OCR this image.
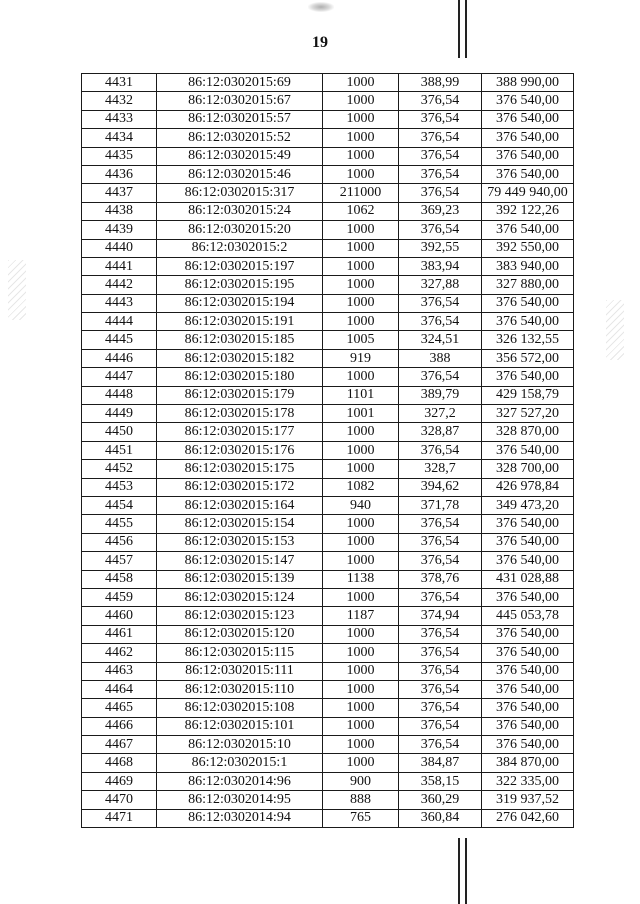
19
4431	86:12:0302015:69	1000	388,99	388 990,00
4432	86:12:0302015:67	1000	376,54	376 540,00
4433	86:12:0302015:57	1000	376,54	376 540,00
4434	86:12:0302015:52	1000	376,54	376 540,00
4435	86:12:0302015:49	1000	376,54	376 540,00
4436	86:12:0302015:46	1000	376,54	376 540,00
4437	86:12:0302015:317	211000	376,54	79 449 940,00
4438	86:12:0302015:24	1062	369,23	392 122,26
4439	86:12:0302015:20	1000	376,54	376 540,00
4440	86:12:0302015:2	1000	392,55	392 550,00
4441	86:12:0302015:197	1000	383,94	383 940,00
4442	86:12:0302015:195	1000	327,88	327 880,00
4443	86:12:0302015:194	1000	376,54	376 540,00
4444	86:12:0302015:191	1000	376,54	376 540,00
4445	86:12:0302015:185	1005	324,51	326 132,55
4446	86:12:0302015:182	919	388	356 572,00
4447	86:12:0302015:180	1000	376,54	376 540,00
4448	86:12:0302015:179	1101	389,79	429 158,79
4449	86:12:0302015:178	1001	327,2	327 527,20
4450	86:12:0302015:177	1000	328,87	328 870,00
4451	86:12:0302015:176	1000	376,54	376 540,00
4452	86:12:0302015:175	1000	328,7	328 700,00
4453	86:12:0302015:172	1082	394,62	426 978,84
4454	86:12:0302015:164	940	371,78	349 473,20
4455	86:12:0302015:154	1000	376,54	376 540,00
4456	86:12:0302015:153	1000	376,54	376 540,00
4457	86:12:0302015:147	1000	376,54	376 540,00
4458	86:12:0302015:139	1138	378,76	431 028,88
4459	86:12:0302015:124	1000	376,54	376 540,00
4460	86:12:0302015:123	1187	374,94	445 053,78
4461	86:12:0302015:120	1000	376,54	376 540,00
4462	86:12:0302015:115	1000	376,54	376 540,00
4463	86:12:0302015:111	1000	376,54	376 540,00
4464	86:12:0302015:110	1000	376,54	376 540,00
4465	86:12:0302015:108	1000	376,54	376 540,00
4466	86:12:0302015:101	1000	376,54	376 540,00
4467	86:12:0302015:10	1000	376,54	376 540,00
4468	86:12:0302015:1	1000	384,87	384 870,00
4469	86:12:0302014:96	900	358,15	322 335,00
4470	86:12:0302014:95	888	360,29	319 937,52
4471	86:12:0302014:94	765	360,84	276 042,60
